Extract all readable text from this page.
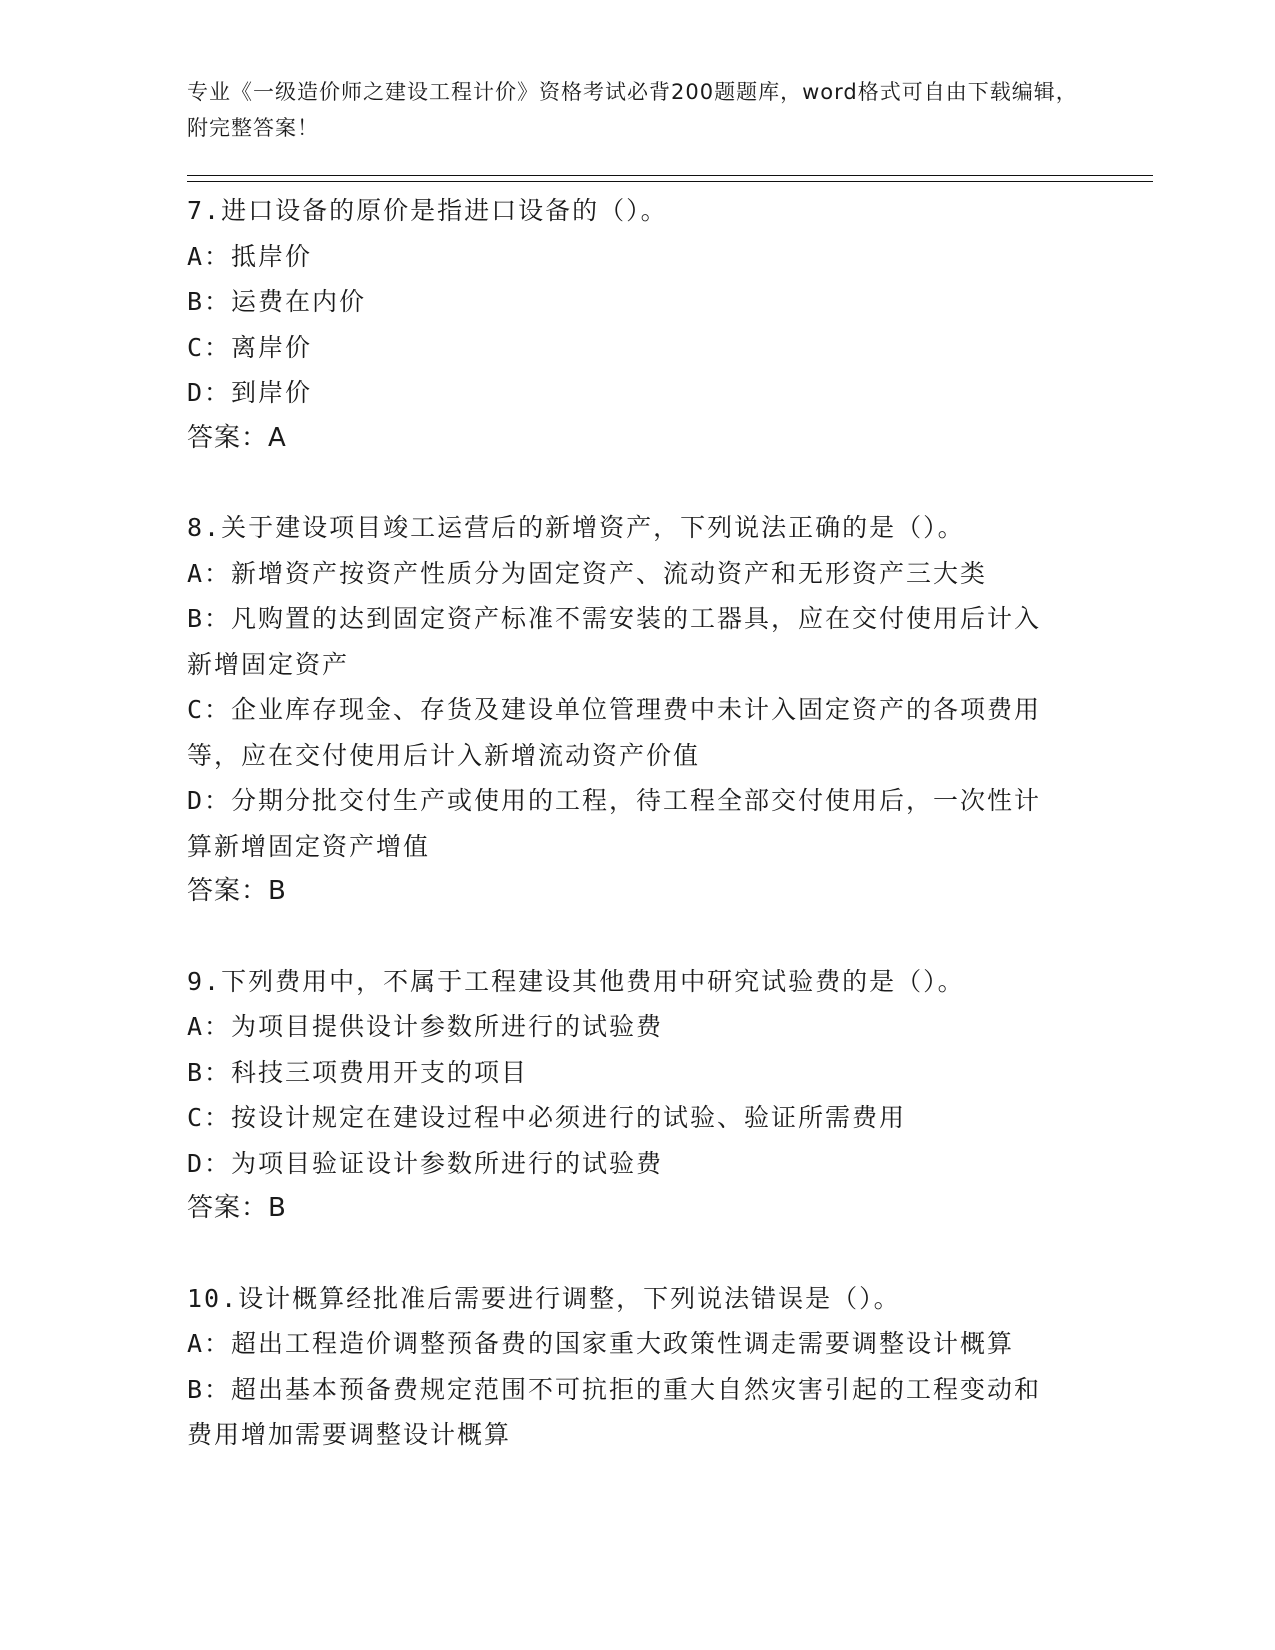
专业《一级造价师之建设工程计价》资格考试必背200题题库，word格式可自由下载编辑，附完整答案！
7.进口设备的原价是指进口设备的（）。
A：抵岸价
B：运费在内价
C：离岸价
D：到岸价
答案：A
8.关于建设项目竣工运营后的新增资产，下列说法正确的是（）。
A：新增资产按资产性质分为固定资产、流动资产和无形资产三大类
B：凡购置的达到固定资产标准不需安装的工器具，应在交付使用后计入新增固定资产
C：企业库存现金、存货及建设单位管理费中未计入固定资产的各项费用等，应在交付使用后计入新增流动资产价值
D：分期分批交付生产或使用的工程，待工程全部交付使用后，一次性计算新增固定资产增值
答案：B
9.下列费用中，不属于工程建设其他费用中研究试验费的是（）。
A：为项目提供设计参数所进行的试验费
B：科技三项费用开支的项目
C：按设计规定在建设过程中必须进行的试验、验证所需费用
D：为项目验证设计参数所进行的试验费
答案：B
10.设计概算经批准后需要进行调整，下列说法错误是（）。
A：超出工程造价调整预备费的国家重大政策性调走需要调整设计概算
B：超出基本预备费规定范围不可抗拒的重大自然灾害引起的工程变动和费用增加需要调整设计概算
